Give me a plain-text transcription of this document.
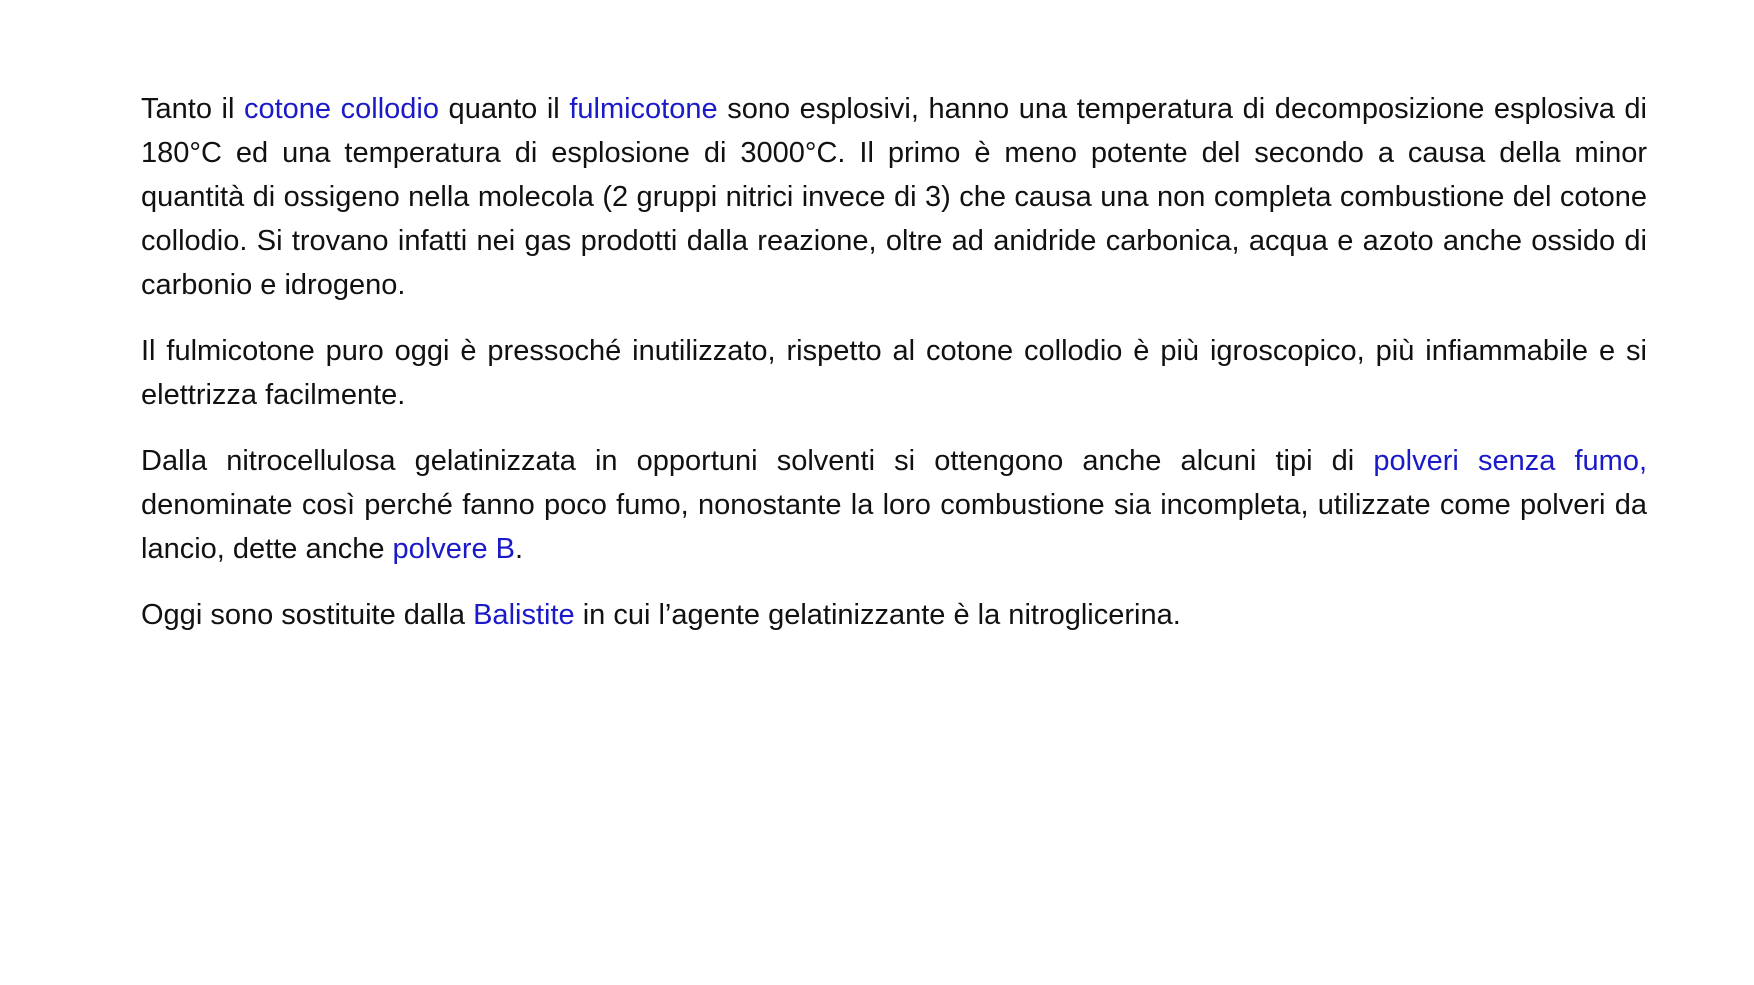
Tanto il cotone collodio quanto il fulmicotone sono esplosivi, hanno una temperatura di decomposizione esplosiva di 180°C ed una temperatura di esplosione di 3000°C. Il primo è meno potente del secondo a causa della minor quantità di ossigeno nella molecola (2 gruppi nitrici invece di 3) che causa una non completa combustione del cotone collodio. Si trovano infatti nei gas prodotti dalla reazione, oltre ad anidride carbonica, acqua e azoto anche ossido di carbonio e idrogeno.

Il fulmicotone puro oggi è pressoché inutilizzato, rispetto al cotone collodio è più igroscopico, più infiammabile e si elettrizza facilmente.

Dalla nitrocellulosa gelatinizzata in opportuni solventi si ottengono anche alcuni tipi di polveri senza fumo, denominate così perché fanno poco fumo, nonostante la loro combustione sia incompleta, utilizzate come polveri da lancio, dette anche polvere B.

Oggi sono sostituite dalla Balistite in cui l’agente gelatinizzante è la nitroglicerina.
